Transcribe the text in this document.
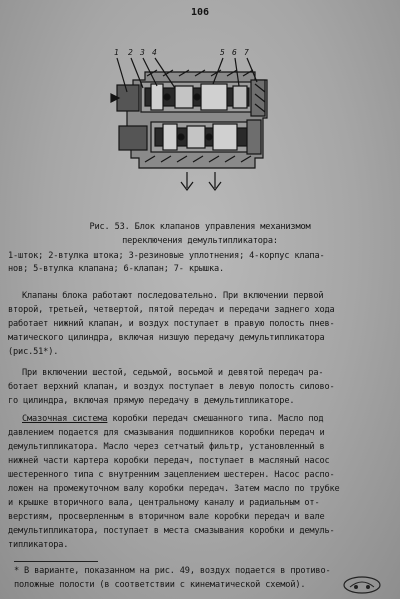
106
1 2 3 4	5 6 7
Рис. 53. Блок клапанов управления механизмом
переключения демультипликатора:
1-шток; 2-втулка штока; 3-резиновые уплотнения; 4-корпус клапа-
нов; 5-втулка клапана; 6-клапан; 7- крышка.
Клапаны блока работают последовательно. При включении первой
второй, третьей, четвертой, пятой передач и передачи заднего хода
работает нижний клапан, и воздух поступает в правую полость пнев-
матического цилиндра, включая низшую передачу демультипликатора
(рис.51*).
При включении шестой, седьмой, восьмой и девятой передач ра-
ботает верхний клапан, и воздух поступает в левую полость силово-
го цилиндра, включая прямую передачу в демультипликаторе.
Смазочная система коробки передач смешанного типа. Масло под
давлением подается для смазывания подшипников коробки передач и
демультипликатора. Масло через сетчатый фильтр, установленный в
нижней части картера коробки передач, поступает в масляный насос
шестеренного типа с внутренним зацеплением шестерен. Насос распо-
ложен на промежуточном валу коробки передач. Затем масло по трубке
и крышке вторичного вала, центральному каналу и радиальным от-
верстиям, просверленным в вторичном вале коробки передач и вале
демультипликатора, поступает в места смазывания коробки и демуль-
типликатора.
* В варианте, показанном на рис. 49, воздух подается в противо-
положные полости (в соответствии с кинематической схемой).
